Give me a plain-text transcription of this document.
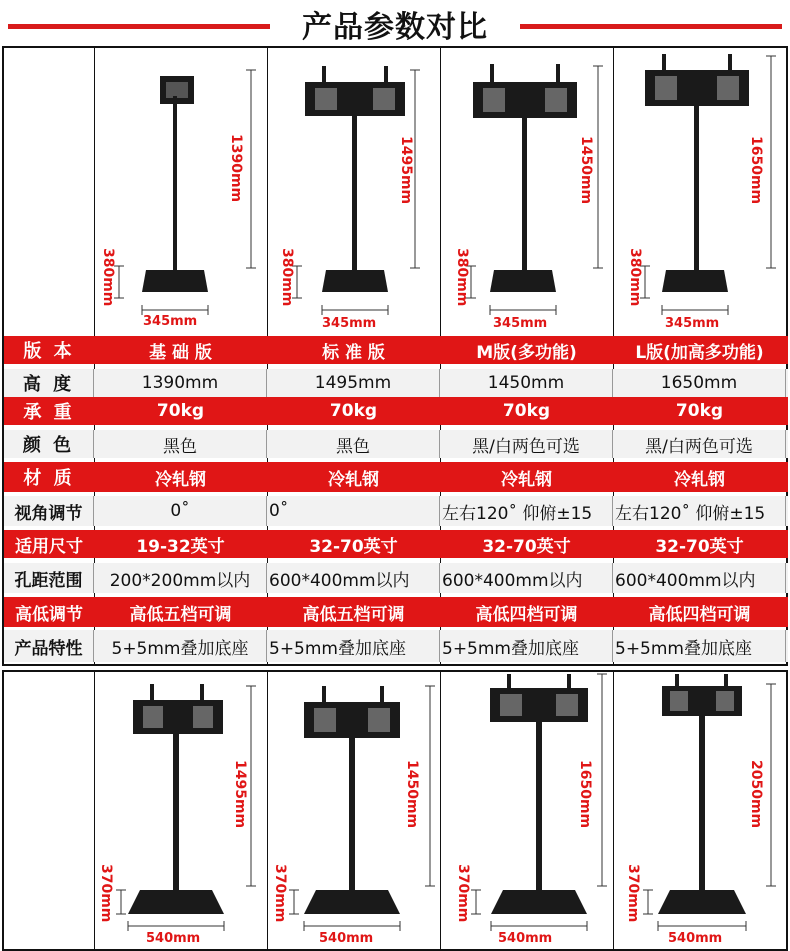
产品参数对比
1390mm
380mm
345mm
1495mm
380mm
345mm
1450mm
380mm
345mm
1650mm
380mm
345mm
版 本	基 础 版	标 准 版	M版(多功能)	L版(加高多功能)
高 度	1390mm	1495mm	1450mm	1650mm
承 重	70kg	70kg	70kg	70kg
颜 色	黑色	黑色	黑/白两色可选	黑/白两色可选
材 质	冷轧钢	冷轧钢	冷轧钢	冷轧钢
视角调节	0˚	0˚	左右120˚ 仰俯±15	左右120˚ 仰俯±15
适用尺寸	19-32英寸	32-70英寸	32-70英寸	32-70英寸
孔距范围	200*200mm以内	600*400mm以内	600*400mm以内	600*400mm以内
高低调节	高低五档可调	高低五档可调	高低四档可调	高低四档可调
产品特性	5+5mm叠加底座	5+5mm叠加底座	5+5mm叠加底座	5+5mm叠加底座
1495mm
370mm
540mm
1450mm
370mm
540mm
1650mm
370mm
540mm
2050mm
370mm
540mm
